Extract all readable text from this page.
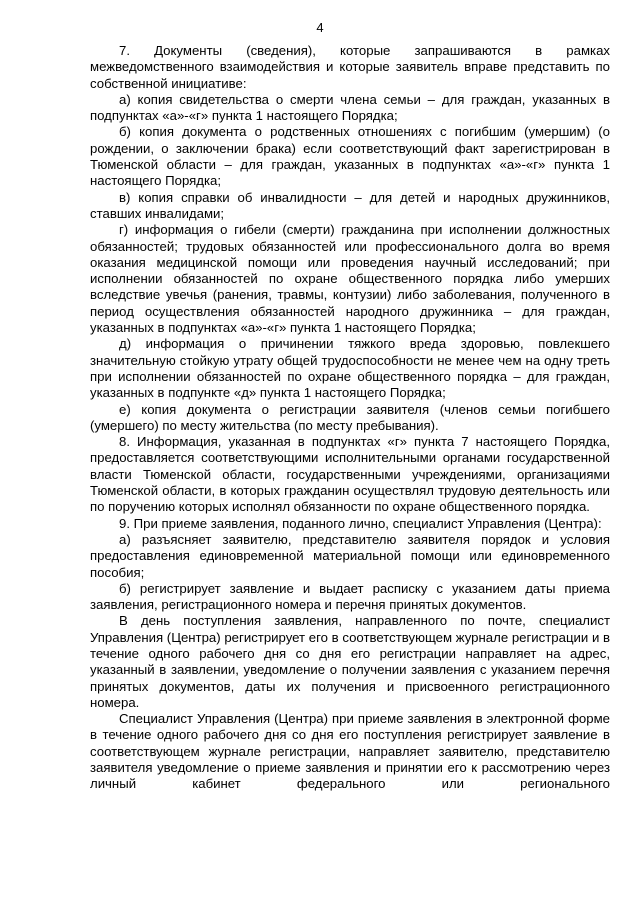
4

7. Документы (сведения), которые запрашиваются в рамках межведомственного взаимодействия и которые заявитель вправе представить по собственной инициативе:

а) копия свидетельства о смерти члена семьи – для граждан, указанных в подпунктах «а»-«г» пункта 1 настоящего Порядка;

б) копия документа о родственных отношениях с погибшим (умершим) (о рождении, о заключении брака) если соответствующий факт зарегистрирован в Тюменской области – для граждан, указанных в подпунктах «а»-«г» пункта 1 настоящего Порядка;

в) копия справки об инвалидности – для детей и народных дружинников, ставших инвалидами;

г) информация о гибели (смерти) гражданина при исполнении должностных обязанностей; трудовых обязанностей или профессионального долга во время оказания медицинской помощи или проведения научный исследований; при исполнении обязанностей по охране общественного порядка либо умерших вследствие увечья (ранения, травмы, контузии) либо заболевания, полученного в период осуществления обязанностей народного дружинника – для граждан, указанных в подпунктах «а»-«г» пункта 1 настоящего Порядка;

д) информация о причинении тяжкого вреда здоровью, повлекшего значительную стойкую утрату общей трудоспособности не менее чем на одну треть при исполнении обязанностей по охране общественного порядка – для граждан, указанных в подпункте «д» пункта 1 настоящего Порядка;

е) копия документа о регистрации заявителя (членов семьи погибшего (умершего) по месту жительства (по месту пребывания).

8. Информация, указанная в подпунктах «г» пункта 7 настоящего Порядка, предоставляется соответствующими исполнительными органами государственной власти Тюменской области, государственными учреждениями, организациями Тюменской области, в которых гражданин осуществлял трудовую деятельность или по поручению которых исполнял обязанности по охране общественного порядка.

9. При приеме заявления, поданного лично, специалист Управления (Центра):

а) разъясняет заявителю, представителю заявителя порядок и условия предоставления единовременной материальной помощи или единовременного пособия;

б) регистрирует заявление и выдает расписку с указанием даты приема заявления, регистрационного номера и перечня принятых документов.

В день поступления заявления, направленного по почте, специалист Управления (Центра) регистрирует его в соответствующем журнале регистрации и в течение одного рабочего дня со дня его регистрации направляет на адрес, указанный в заявлении, уведомление о получении заявления с указанием перечня принятых документов, даты их получения и присвоенного регистрационного номера.

Специалист Управления (Центра) при приеме заявления в электронной форме в течение одного рабочего дня со дня его поступления регистрирует заявление в соответствующем журнале регистрации, направляет заявителю, представителю заявителя уведомление о приеме заявления и принятии его к рассмотрению через личный кабинет федерального или регионального
